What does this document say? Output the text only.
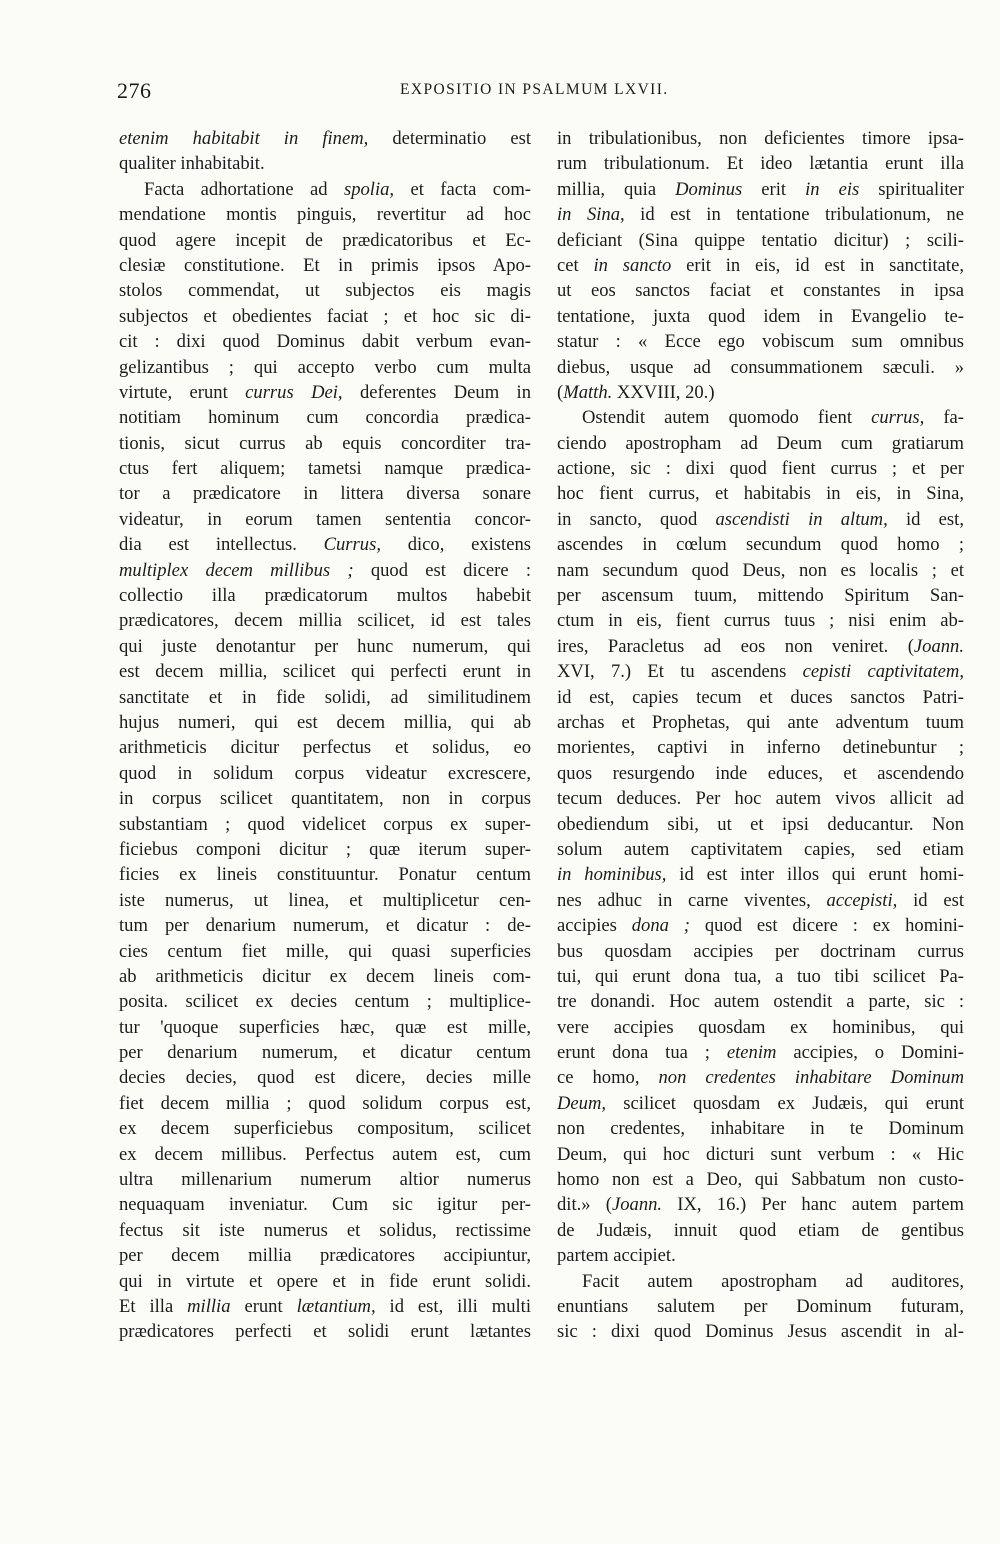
276	EXPOSITIO IN PSALMUM LXVII.
etenim habitabit in finem, determinatio est
qualiter inhabitabit.
Facta adhortatione ad spolia, et facta com-
mendatione montis pinguis, revertitur ad hoc
quod agere incepit de prædicatoribus et Ec-
clesiæ constitutione. Et in primis ipsos Apo-
stolos commendat, ut subjectos eis magis
subjectos et obedientes faciat ; et hoc sic di-
cit : dixi quod Dominus dabit verbum evan-
gelizantibus ; qui accepto verbo cum multa
virtute, erunt currus Dei, deferentes Deum in
notitiam hominum cum concordia prædica-
tionis, sicut currus ab equis concorditer tra-
ctus fert aliquem; tametsi namque prædica-
tor a prædicatore in littera diversa sonare
videatur, in eorum tamen sententia concor-
dia est intellectus. Currus, dico, existens
multiplex decem millibus ; quod est dicere :
collectio illa prædicatorum multos habebit
prædicatores, decem millia scilicet, id est tales
qui juste denotantur per hunc numerum, qui
est decem millia, scilicet qui perfecti erunt in
sanctitate et in fide solidi, ad similitudinem
hujus numeri, qui est decem millia, qui ab
arithmeticis dicitur perfectus et solidus, eo
quod in solidum corpus videatur excrescere,
in corpus scilicet quantitatem, non in corpus
substantiam ; quod videlicet corpus ex super-
ficiebus componi dicitur ; quæ iterum super-
ficies ex lineis constituuntur. Ponatur centum
iste numerus, ut linea, et multiplicetur cen-
tum per denarium numerum, et dicatur : de-
cies centum fiet mille, qui quasi superficies
ab arithmeticis dicitur ex decem lineis com-
posita. scilicet ex decies centum ; multiplice-
tur 'quoque superficies hæc, quæ est mille,
per denarium numerum, et dicatur centum
decies decies, quod est dicere, decies mille
fiet decem millia ; quod solidum corpus est,
ex decem superficiebus compositum, scilicet
ex decem millibus. Perfectus autem est, cum
ultra millenarium numerum altior numerus
nequaquam inveniatur. Cum sic igitur per-
fectus sit iste numerus et solidus, rectissime
per decem millia prædicatores accipiuntur,
qui in virtute et opere et in fide erunt solidi.
Et illa millia erunt lætantium, id est, illi multi
prædicatores perfecti et solidi erunt lætantes
in tribulationibus, non deficientes timore ipsa-
rum tribulationum. Et ideo lætantia erunt illa
millia, quia Dominus erit in eis spiritualiter
in Sina, id est in tentatione tribulationum, ne
deficiant (Sina quippe tentatio dicitur) ; scili-
cet in sancto erit in eis, id est in sanctitate,
ut eos sanctos faciat et constantes in ipsa
tentatione, juxta quod idem in Evangelio te-
statur : « Ecce ego vobiscum sum omnibus
diebus, usque ad consummationem sæculi. »
(Matth. XXVIII, 20.)
Ostendit autem quomodo fient currus, fa-
ciendo apostropham ad Deum cum gratiarum
actione, sic : dixi quod fient currus ; et per
hoc fient currus, et habitabis in eis, in Sina,
in sancto, quod ascendisti in altum, id est,
ascendes in cœlum secundum quod homo ;
nam secundum quod Deus, non es localis ; et
per ascensum tuum, mittendo Spiritum San-
ctum in eis, fient currus tuus ; nisi enim ab-
ires, Paracletus ad eos non veniret. (Joann.
XVI, 7.) Et tu ascendens cepisti captivitatem,
id est, capies tecum et duces sanctos Patri-
archas et Prophetas, qui ante adventum tuum
morientes, captivi in inferno detinebuntur ;
quos resurgendo inde educes, et ascendendo
tecum deduces. Per hoc autem vivos allicit ad
obediendum sibi, ut et ipsi deducantur. Non
solum autem captivitatem capies, sed etiam
in hominibus, id est inter illos qui erunt homi-
nes adhuc in carne viventes, accepisti, id est
accipies dona ; quod est dicere : ex homini-
bus quosdam accipies per doctrinam currus
tui, qui erunt dona tua, a tuo tibi scilicet Pa-
tre donandi. Hoc autem ostendit a parte, sic :
vere accipies quosdam ex hominibus, qui
erunt dona tua ; etenim accipies, o Domini-
ce homo, non credentes inhabitare Dominum
Deum, scilicet quosdam ex Judæis, qui erunt
non credentes, inhabitare in te Dominum
Deum, qui hoc dicturi sunt verbum : « Hic
homo non est a Deo, qui Sabbatum non custo-
dit.» (Joann. IX, 16.) Per hanc autem partem
de Judæis, innuit quod etiam de gentibus
partem accipiet.
Facit autem apostropham ad auditores,
enuntians salutem per Dominum futuram,
sic : dixi quod Dominus Jesus ascendit in al-
